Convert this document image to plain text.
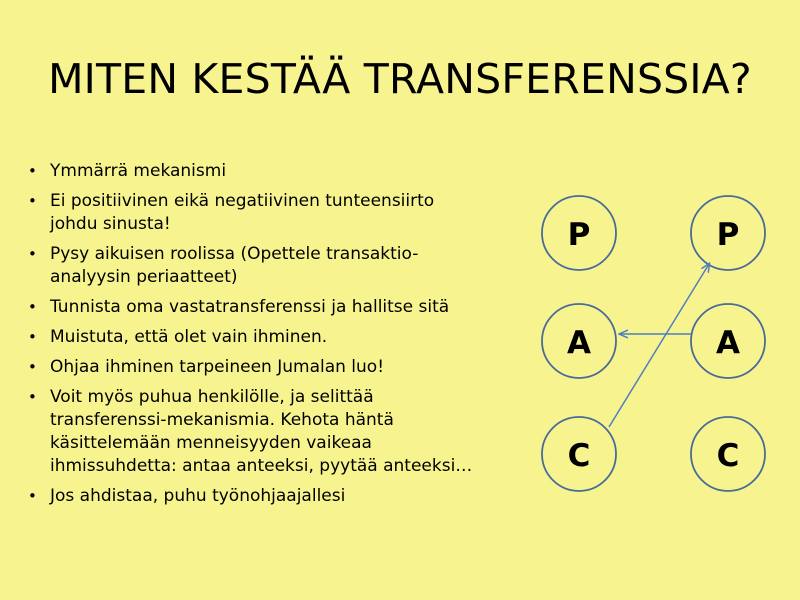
MITEN KESTÄÄ TRANSFERENSSIA?
• Ymmärrä mekanismi
• Ei positiivinen eikä negatiivinen tunteensiirto
johdu sinusta!
• Pysy aikuisen roolissa (Opettele transaktio-
analyysin periaatteet)
• Tunnista oma vastatransferenssi ja hallitse sitä
• Muistuta, että olet vain ihminen.
• Ohjaa ihminen tarpeineen Jumalan luo!
• Voit myös puhua henkilölle, ja selittää
transferenssi-mekanismia. Kehota häntä
käsittelemään menneisyyden vaikeaa
ihmissuhdetta: antaa anteeksi, pyytää anteeksi…
• Jos ahdistaa, puhu työnohjaajallesi
P
A
C
P
A
C
